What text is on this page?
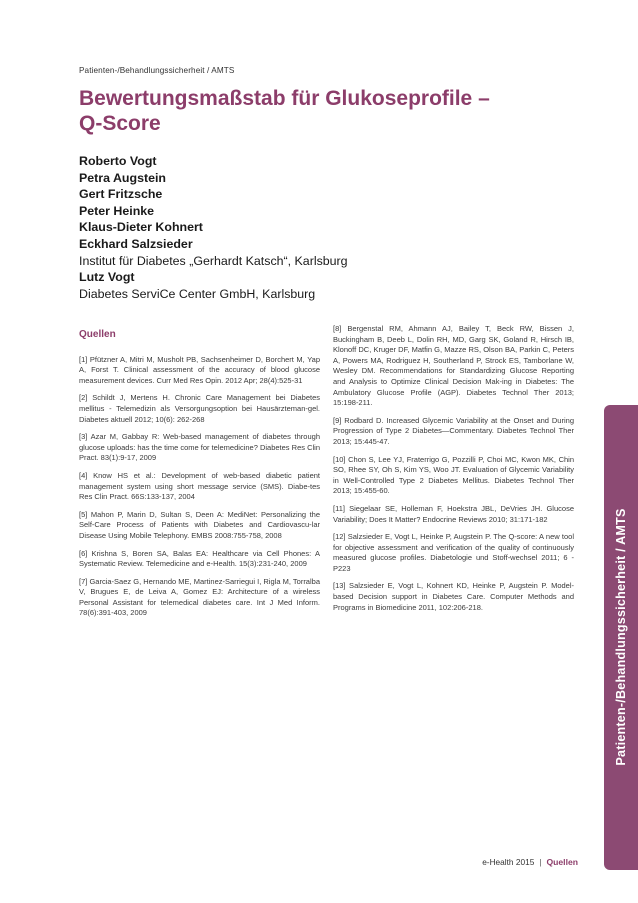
Patienten-/Behandlungssicherheit / AMTS
Bewertungsmaßstab für Glukoseprofile –
Q-Score
Roberto Vogt
Petra Augstein
Gert Fritzsche
Peter Heinke
Klaus-Dieter Kohnert
Eckhard Salzsieder
Institut für Diabetes „Gerhardt Katsch“, Karlsburg
Lutz Vogt
Diabetes ServiCe Center GmbH, Karlsburg
Quellen

[1] Pfützner A, Mitri M, Musholt PB, Sachsenheimer D, Borchert M, Yap A, Forst T. Clinical assessment of the accuracy of blood glucose measurement devices. Curr Med Res Opin. 2012 Apr; 28(4):525-31

[2] Schildt J, Mertens H. Chronic Care Management bei Diabetes mellitus - Telemedizin als Versorgungsoption bei Hausärzteman-gel. Diabetes aktuell 2012; 10(6): 262-268

[3] Azar M, Gabbay R: Web-based management of diabetes through glucose uploads: has the time come for telemedicine? Diabetes Res Clin Pract. 83(1):9-17, 2009

[4] Know HS et al.: Development of web-based diabetic patient management system using short message service (SMS). Diabe-tes Res Clin Pract. 66S:133-137, 2004

[5] Mahon P, Marin D, Sultan S, Deen A: MediNet: Personalizing the Self-Care Process of Patients with Diabetes and Cardiovascu-lar Disease Using Mobile Telephony. EMBS 2008:755-758, 2008

[6] Krishna S, Boren SA, Balas EA: Healthcare via Cell Phones: A Systematic Review. Telemedicine and e-Health. 15(3):231-240, 2009

[7] Garcia-Saez G, Hernando ME, Martinez-Sarriegui I, Rigla M, Torralba V, Brugues E, de Leiva A, Gomez EJ: Architecture of a wireless Personal Assistant for telemedical diabetes care. Int J Med Inform. 78(6):391-403, 2009

[8] Bergenstal RM, Ahmann AJ, Bailey T, Beck RW, Bissen J, Buckingham B, Deeb L, Dolin RH, MD, Garg SK, Goland R, Hirsch IB, Klonoff DC, Kruger DF, Matfin G, Mazze RS, Olson BA, Parkin C, Peters A, Powers MA, Rodriguez H, Southerland P, Strock ES, Tamborlane W, Wesley DM. Recommendations for Standardizing Glucose Reporting and Analysis to Optimize Clinical Decision Mak-ing in Diabetes: The Ambulatory Glucose Profile (AGP). Diabetes Technol Ther 2013; 15:198-211.

[9] Rodbard D. Increased Glycemic Variability at the Onset and During Progression of Type 2 Diabetes—Commentary. Diabetes Technol Ther 2013; 15:445-47.

[10] Chon S, Lee YJ, Fraterrigo G, Pozzilli P, Choi MC, Kwon MK, Chin SO, Rhee SY, Oh S, Kim YS, Woo JT. Evaluation of Glycemic Variability in Well-Controlled Type 2 Diabetes Mellitus. Diabetes Technol Ther 2013; 15:455-60.

[11] Siegelaar SE, Holleman F, Hoekstra JBL, DeVries JH. Glucose Variability; Does It Matter? Endocrine Reviews 2010; 31:171-182

[12] Salzsieder E, Vogt L, Heinke P, Augstein P. The Q-score: A new tool for objective assessment and verification of the quality of continuously measured glucose profiles. Diabetologie und Stoff-wechsel 2011; 6 - P223

[13] Salzsieder E, Vogt L, Kohnert KD, Heinke P, Augstein P. Model-based Decision support in Diabetes Care. Computer Methods and Programs in Biomedicine 2011, 102:206-218.	Patienten-/Behandlungssicherheit / AMTS
e-Health 2015 | Quellen
